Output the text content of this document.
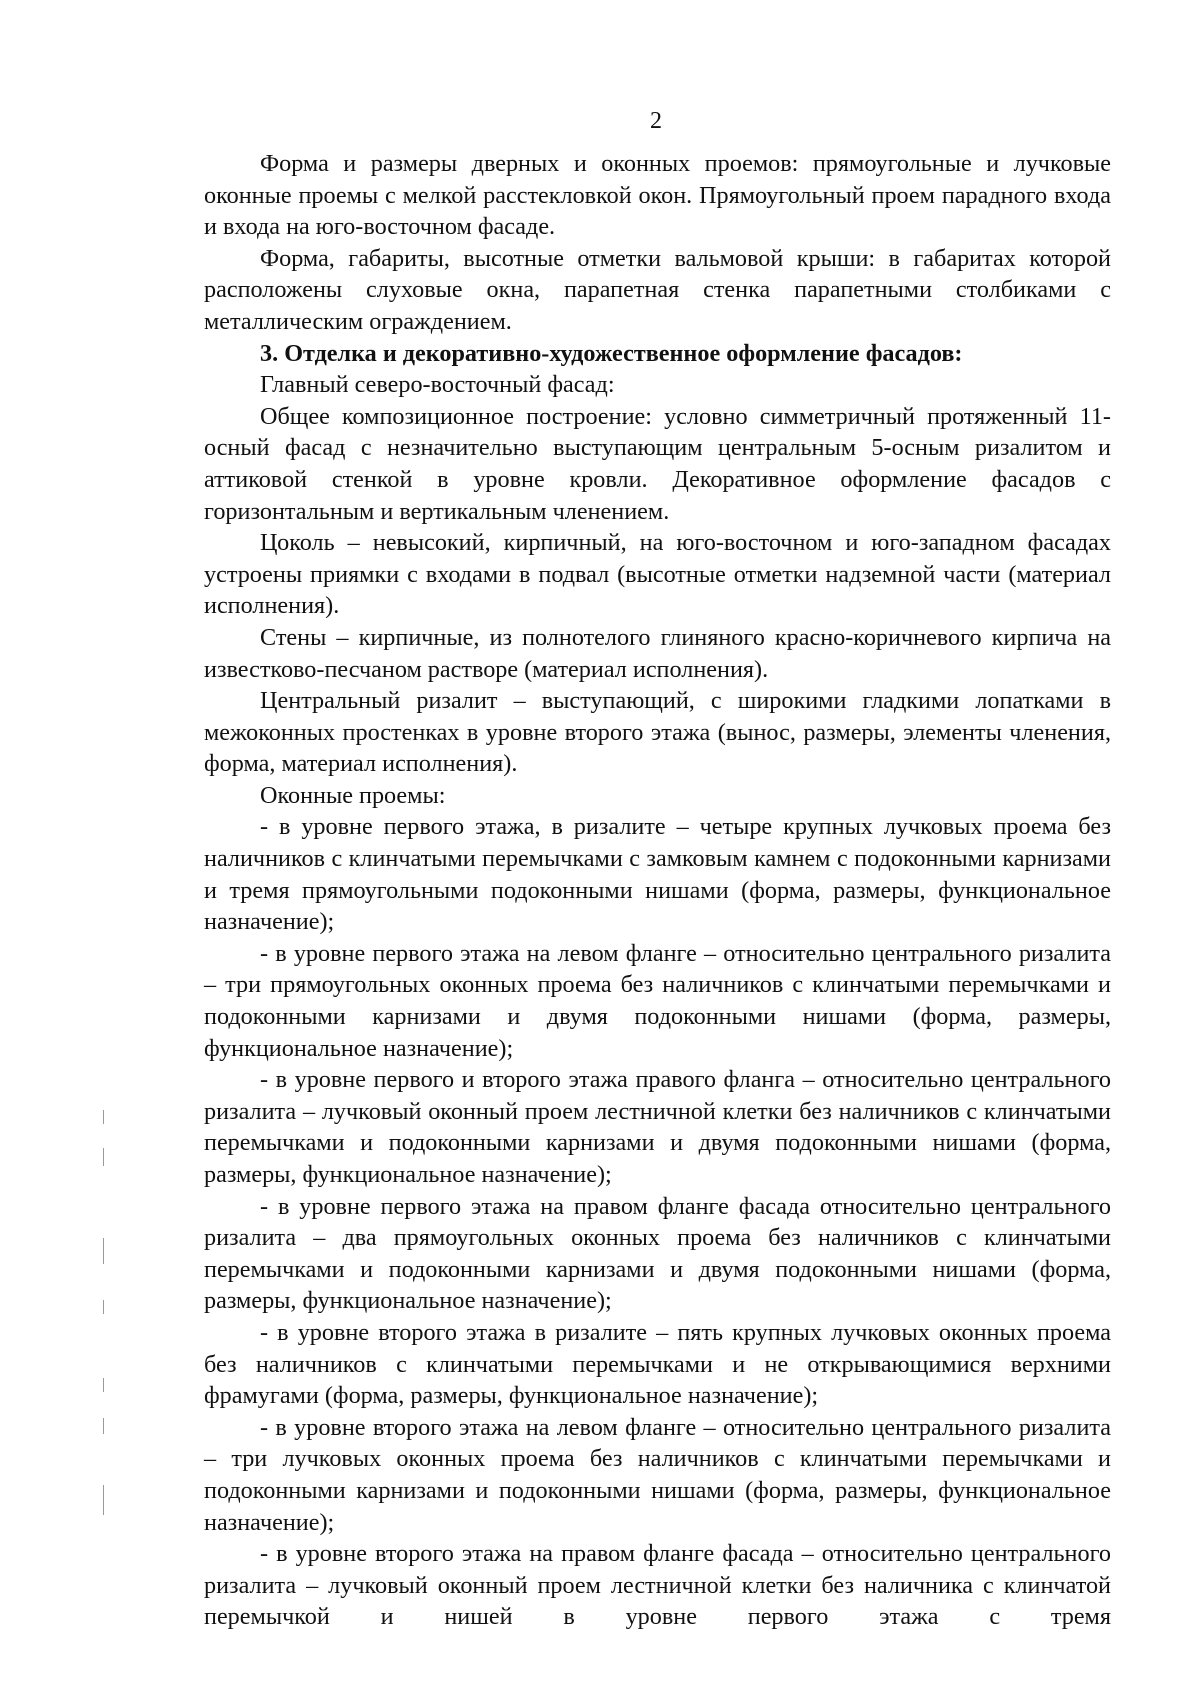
2

Форма и размеры дверных и оконных проемов: прямоугольные и лучковые оконные проемы с мелкой расстекловкой окон. Прямоугольный проем парадного входа и входа на юго-восточном фасаде.

Форма, габариты, высотные отметки вальмовой крыши: в габаритах которой расположены слуховые окна, парапетная стенка парапетными столбиками с металлическим ограждением.

3. Отделка и декоративно-художественное оформление фасадов:

Главный северо-восточный фасад:

Общее композиционное построение: условно симметричный протяженный 11-осный фасад с незначительно выступающим центральным 5-осным ризалитом и аттиковой стенкой в уровне кровли. Декоративное оформление фасадов с горизонтальным и вертикальным членением.

Цоколь – невысокий, кирпичный, на юго-восточном и юго-западном фасадах устроены приямки с входами в подвал (высотные отметки надземной части (материал исполнения).

Стены – кирпичные, из полнотелого глиняного красно-коричневого кирпича на известково-песчаном растворе (материал исполнения).

Центральный ризалит – выступающий, с широкими гладкими лопатками в межоконных простенках в уровне второго этажа (вынос, размеры, элементы членения, форма, материал исполнения).

Оконные проемы:

- в уровне первого этажа, в ризалите – четыре крупных лучковых проема без наличников с клинчатыми перемычками с замковым камнем с подоконными карнизами и тремя прямоугольными подоконными нишами (форма, размеры, функциональное назначение);

- в уровне первого этажа на левом фланге – относительно центрального ризалита – три прямоугольных оконных проема без наличников с клинчатыми перемычками и подоконными карнизами и двумя подоконными нишами (форма, размеры, функциональное назначение);

- в уровне первого и второго этажа правого фланга – относительно центрального ризалита – лучковый оконный проем лестничной клетки без наличников с клинчатыми перемычками и подоконными карнизами и двумя подоконными нишами (форма, размеры, функциональное назначение);

- в уровне первого этажа на правом фланге фасада относительно центрального ризалита – два прямоугольных оконных проема без наличников с клинчатыми перемычками и подоконными карнизами и двумя подоконными нишами (форма, размеры, функциональное назначение);

- в уровне второго этажа в ризалите – пять крупных лучковых оконных проема без наличников с клинчатыми перемычками и не открывающимися верхними фрамугами (форма, размеры, функциональное назначение);

- в уровне второго этажа на левом фланге – относительно центрального ризалита – три лучковых оконных проема без наличников с клинчатыми перемычками и подоконными карнизами и подоконными нишами (форма, размеры, функциональное назначение);

- в уровне второго этажа на правом фланге фасада – относительно центрального ризалита – лучковый оконный проем лестничной клетки без наличника с клинчатой перемычкой и нишей в уровне первого этажа с тремя
